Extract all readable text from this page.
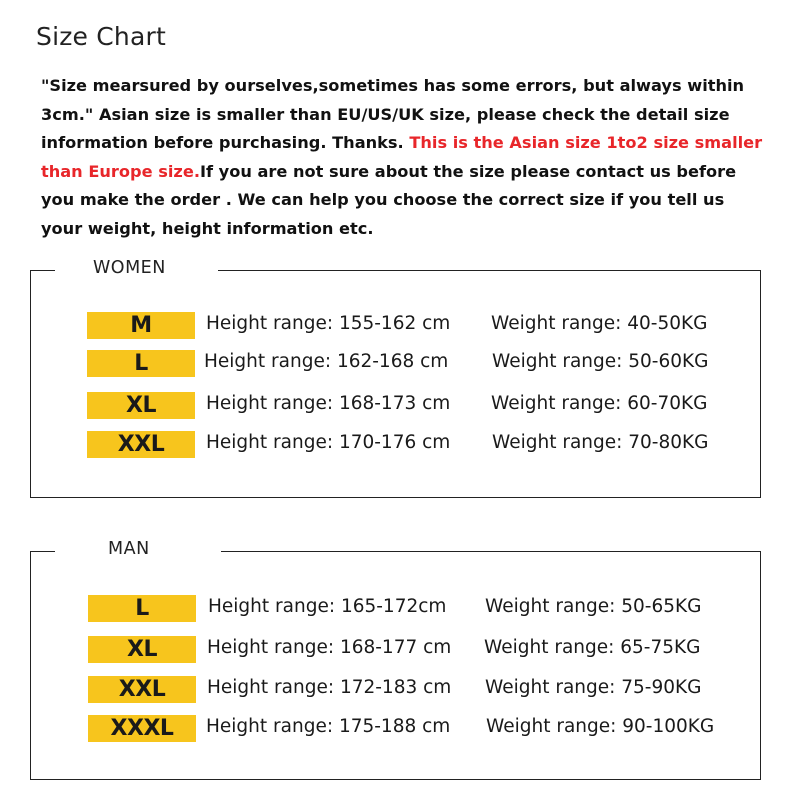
Size Chart
"Size mearsured by ourselves,sometimes has some errors, but always within 3cm." Asian size is smaller than EU/US/UK size, please check the detail size information before purchasing. Thanks. This is the Asian size 1to2 size smaller than Europe size.If you are not sure about the size please contact us before you make the order . We can help you choose the correct size if you tell us your weight, height information etc.
WOMEN
M	Height range: 155-162 cm Weight range: 40-50KG
L	Height range: 162-168 cm Weight range: 50-60KG
XL	Height range: 168-173 cm Weight range: 60-70KG
XXL	Height range: 170-176 cm Weight range: 70-80KG
MAN
L	Height range: 165-172cm Weight range: 50-65KG
XL	Height range: 168-177 cm Weight range: 65-75KG
XXL	Height range: 172-183 cm Weight range: 75-90KG
XXXL	Height range: 175-188 cm Weight range: 90-100KG
